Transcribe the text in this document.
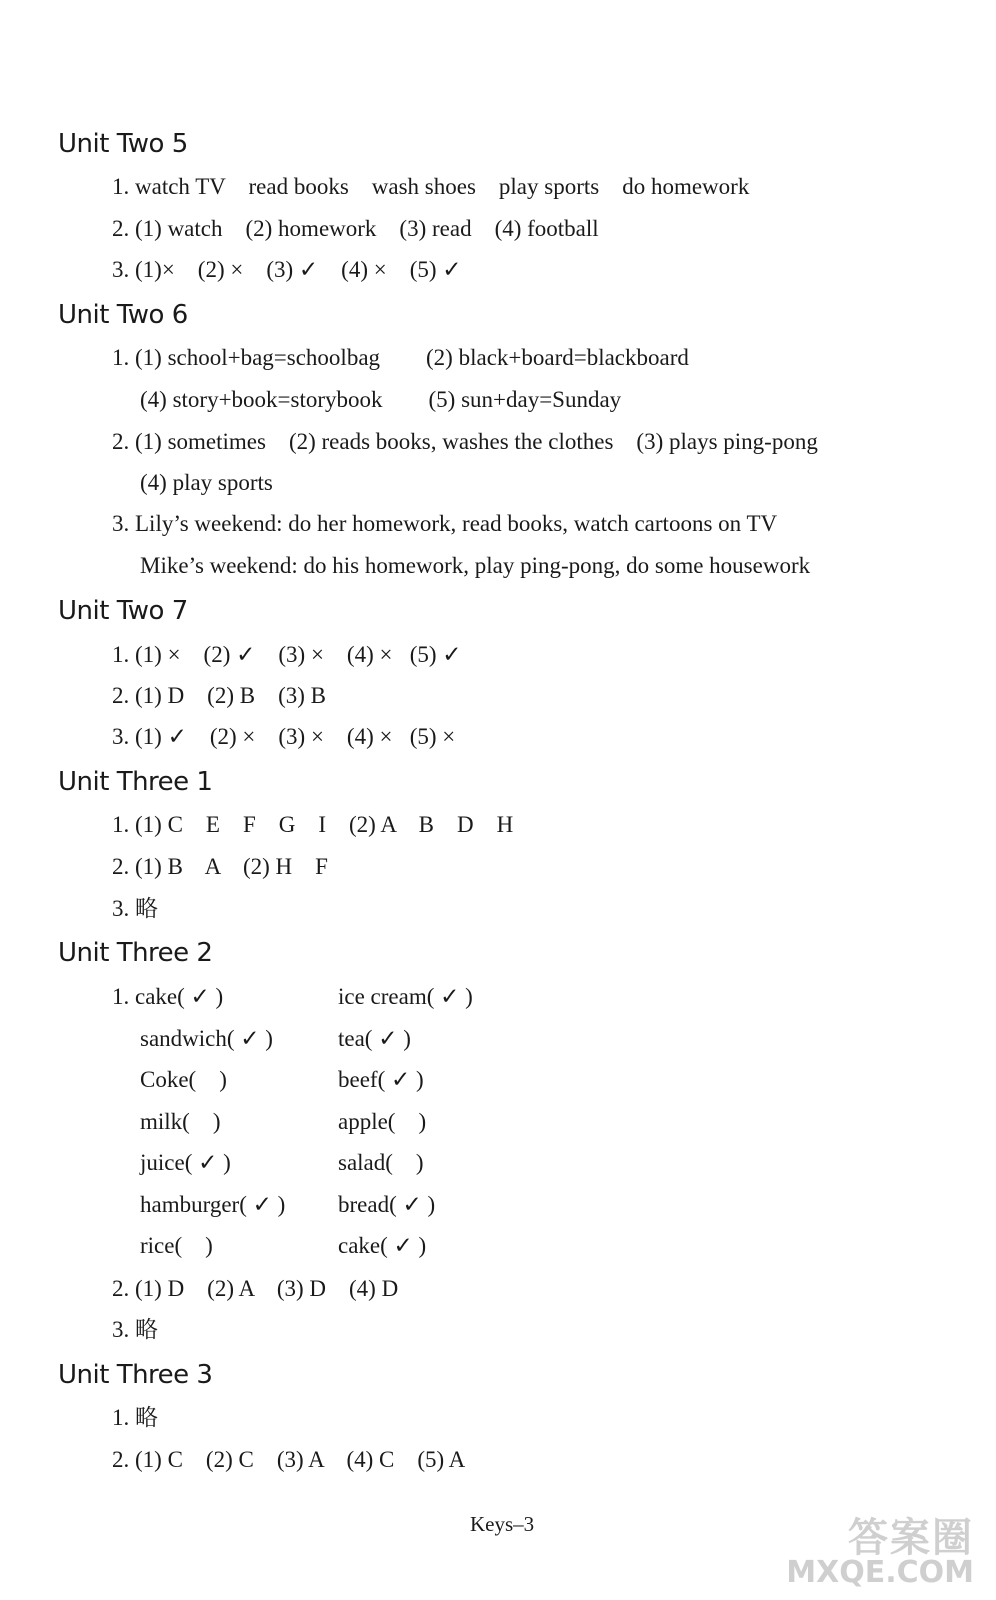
Unit Two 5
1. watch TV    read books    wash shoes    play sports    do homework
2. (1) watch    (2) homework    (3) read    (4) football
3. (1)×    (2) ×    (3) ✓    (4) ×    (5) ✓
Unit Two 6
1. (1) school+bag=schoolbag        (2) black+board=blackboard
(4) story+book=storybook        (5) sun+day=Sunday
2. (1) sometimes    (2) reads books, washes the clothes    (3) plays ping-pong
(4) play sports
3. Lily’s weekend: do her homework, read books, watch cartoons on TV
Mike’s weekend: do his homework, play ping-pong, do some housework
Unit Two 7
1. (1) ×    (2) ✓    (3) ×    (4) ×   (5) ✓
2. (1) D    (2) B    (3) B
3. (1) ✓    (2) ×    (3) ×    (4) ×   (5) ×
Unit Three 1
1. (1) C    E    F    G    I    (2) A    B    D    H
2. (1) B    A    (2) H    F
3. 略
Unit Three 2
1. cake( ✓ )	ice cream( ✓ )
sandwich( ✓ )	tea( ✓ )
Coke(    )	beef( ✓ )
milk(    )	apple(    )
juice( ✓ )	salad(    )
hamburger( ✓ ) bread( ✓ )
rice(    )	cake( ✓ )
2. (1) D    (2) A    (3) D    (4) D
3. 略
Unit Three 3
1. 略
2. (1) C    (2) C    (3) A    (4) C    (5) A
Keys–3	答案圈
MXQE.COM
